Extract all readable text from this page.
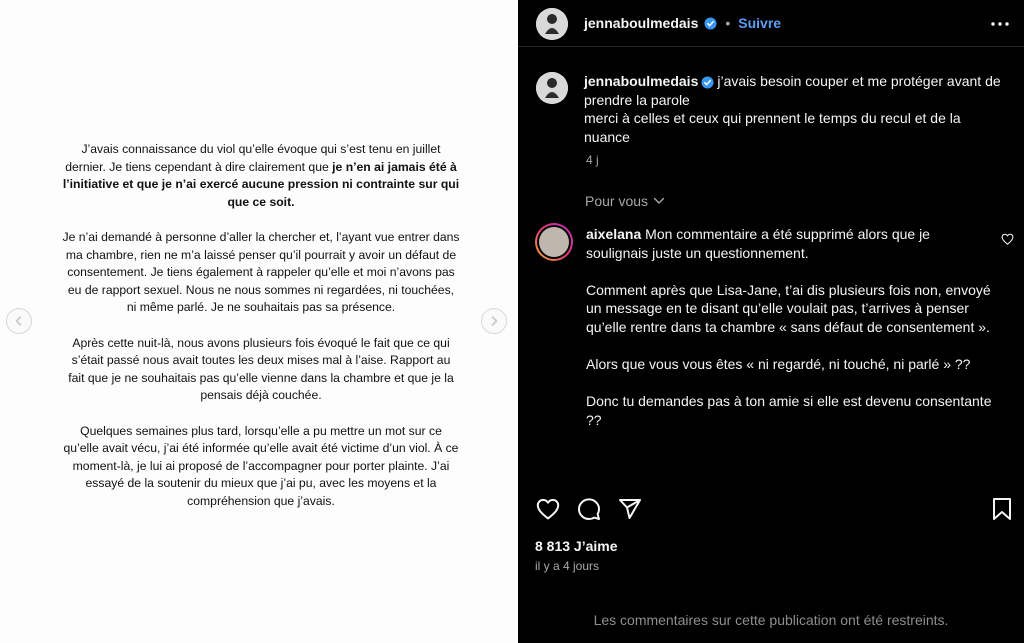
J’avais connaissance du viol qu’elle évoque qui s’est tenu en juillet dernier. Je tiens cependant à dire clairement que je n’en ai jamais été à l’initiative et que je n’ai exercé aucune pression ni contrainte sur qui que ce soit.

Je n’ai demandé à personne d’aller la chercher et, l’ayant vue entrer dans ma chambre, rien ne m’a laissé penser qu’il pourrait y avoir un défaut de consentement. Je tiens également à rappeler qu’elle et moi n’avons pas eu de rapport sexuel. Nous ne nous sommes ni regardées, ni touchées, ni même parlé. Je ne souhaitais pas sa présence.

Après cette nuit-là, nous avons plusieurs fois évoqué le fait que ce qui s’était passé nous avait toutes les deux mises mal à l’aise. Rapport au fait que je ne souhaitais pas qu’elle vienne dans la chambre et que je la pensais déjà couchée.

Quelques semaines plus tard, lorsqu’elle a pu mettre un mot sur ce qu’elle avait vécu, j’ai été informée qu’elle avait été victime d’un viol. À ce moment-là, je lui ai proposé de l’accompagner pour porter plainte. J’ai essayé de la soutenir du mieux que j’ai pu, avec les moyens et la compréhension que j’avais.

jennaboulmedais • Suivre
jennaboulmedais j’avais besoin couper et me protéger avant de prendre la parole
merci à celles et ceux qui prennent le temps du recul et de la nuance
4 j
Pour vous

aixelana Mon commentaire a été supprimé alors que je soulignais juste un questionnement.

Comment après que Lisa-Jane, t’ai dis plusieurs fois non, envoyé un message en te disant qu’elle voulait pas, t’arrives à penser qu’elle rentre dans ta chambre « sans défaut de consentement ».

Alors que vous vous êtes « ni regardé, ni touché, ni parlé » ??

Donc tu demandes pas à ton amie si elle est devenu consentante ??

8 813 J’aime
il y a 4 jours
Les commentaires sur cette publication ont été restreints.
